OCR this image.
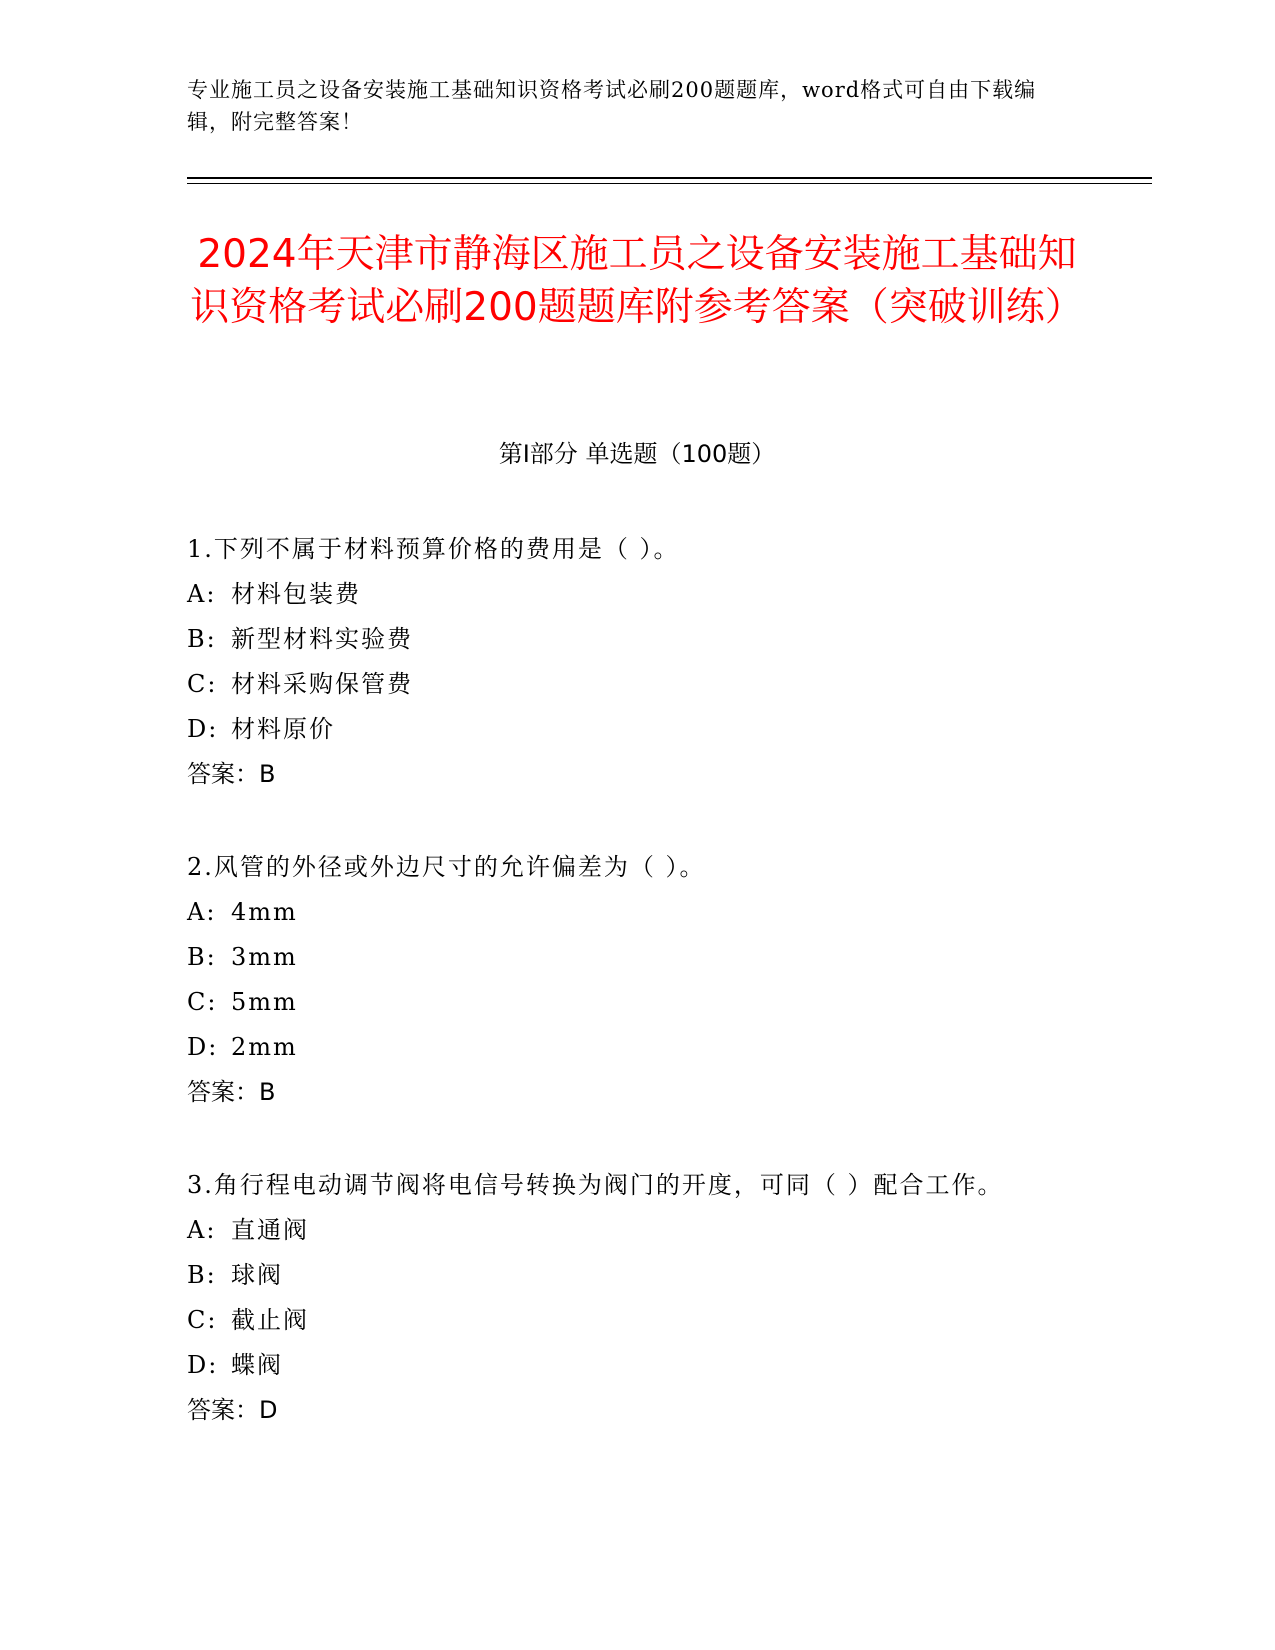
专业施工员之设备安装施工基础知识资格考试必刷200题题库，word格式可自由下载编辑，附完整答案！

2024年天津市静海区施工员之设备安装施工基础知识资格考试必刷200题题库附参考答案（突破训练）
第Ⅰ部分 单选题（100题）

1.下列不属于材料预算价格的费用是（ ）。

A: 材料包装费

B: 新型材料实验费

C: 材料采购保管费

D: 材料原价

答案：B

2.风管的外径或外边尺寸的允许偏差为（ ）。

A: 4mm

B: 3mm

C: 5mm

D: 2mm

答案：B

3.角行程电动调节阀将电信号转换为阀门的开度，可同（ ）配合工作。

A: 直通阀

B: 球阀

C: 截止阀

D: 蝶阀

答案：D
